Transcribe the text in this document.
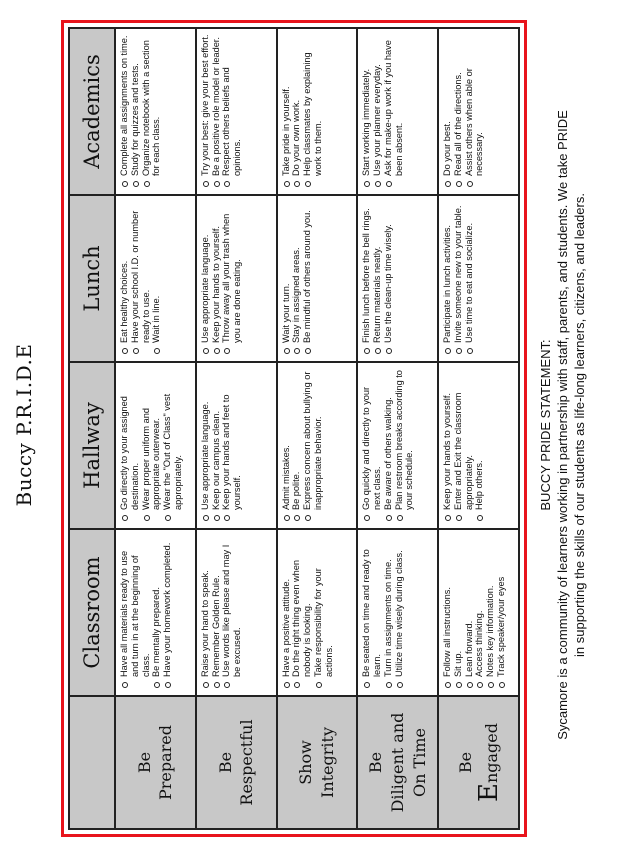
Buccy P.R.I.D.E
Classroom
Hallway
Lunch
Academics
Be Prepared
Have all materials ready to use and turn in at the beginning of class. Be mentally prepared. Have your homework completed.
Go directly to your assigned destination. Wear proper uniform and appropriate outerwear. Wear the "Out of Class" vest appropriately.
Eat healthy choices. Have your school I.D. or number ready to use. Wait in line.
Complete all assignments on time. Study for quizzes and tests. Organize notebook with a section for each class.
Be Respectful
Raise your hand to speak. Remember Golden Rule. Use words like please and may I be excused.
Use appropriate language. Keep our campus clean. Keep your hands and feet to yourself.
Use appropriate language. Keep your hands to yourself. Throw away all your trash when you are done eating.
Try your best: give your best effort. Be a positive role model or leader. Respect others beliefs and opinions.
Show Integrity
Have a positive attitude. Do the right thing even when nobody is looking. Take responsibility for your actions.
Admit mistakes. Be polite. Express concern about bullying or inappropriate behavior.
Wait your turn. Stay in assigned areas. Be mindful of others around you.
Take pride in yourself. Do your own work. Help classmates by explaining work to them.
Be Diligent and On Time
Be seated on time and ready to learn. Turn in assignments on time. Utilize time wisely during class.
Go quickly and directly to your next class. Be aware of others walking. Plan restroom breaks according to your schedule.
Finish lunch before the bell rings. Return materials neatly. Use the clean-up time wisely.
Start working immediately. Use your planner everyday. Ask for make-up work if you have been absent.
Be
Engaged
Follow all instructions. Sit up. Lean forward. Access thinking. Notes key information. Track speaker/your eyes
Keep your hands to yourself. Enter and Exit the classroom appropriately. Help others.
Participate in lunch activities. Invite someone new to your table. Use time to eat and socialize.
Do your best. Read all of the directions. Assist others when able or necessary.
BUCCY PRIDE STATEMENT: Sycamore is a community of learners working in partnership with staff, parents, and students. We take PRIDE in supporting the skills of our students as life-long learners, citizens, and leaders.
